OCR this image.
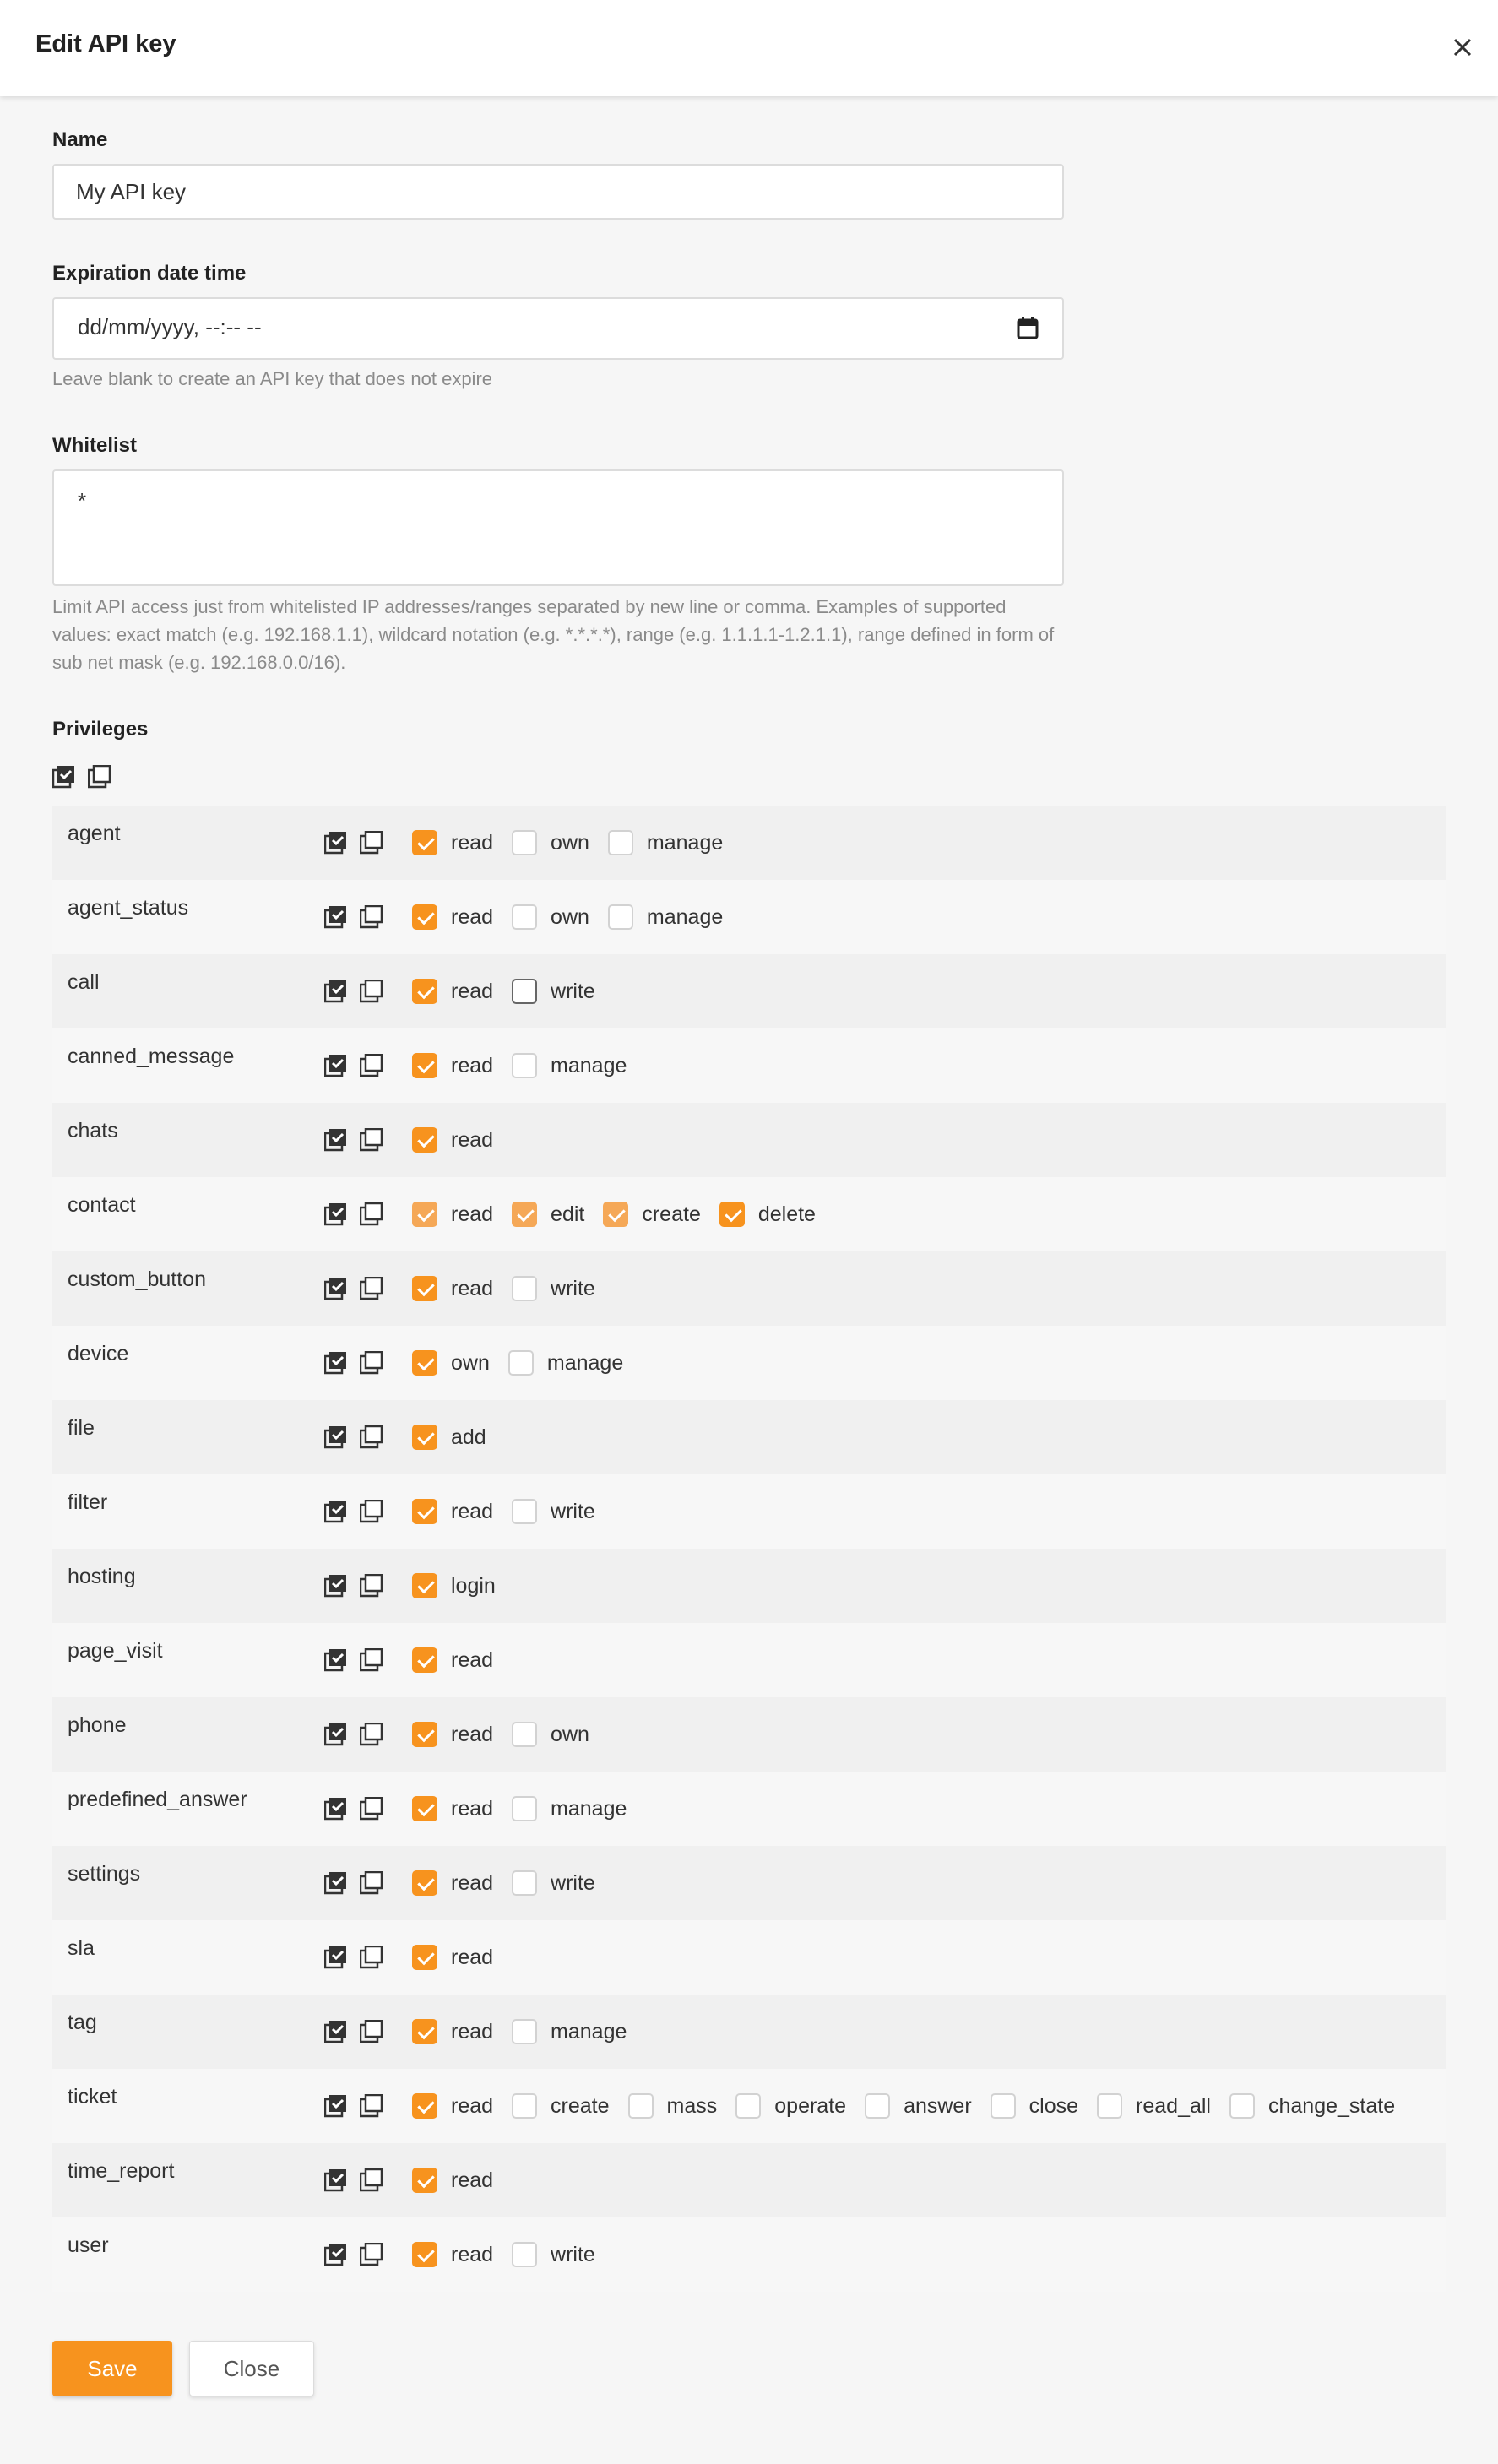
Edit API key
Name
My API key
Expiration date time
dd/mm/yyyy, --:-- --
Leave blank to create an API key that does not expire
Whitelist
*
Limit API access just from whitelisted IP addresses/ranges separated by new line or comma. Examples of supported values: exact match (e.g. 192.168.1.1), wildcard notation (e.g. *.*.*.*), range (e.g. 1.1.1.1-1.2.1.1), range defined in form of sub net mask (e.g. 192.168.0.0/16).
Privileges
agent	read	own	manage
agent_status	read	own	manage
call	read	write
canned_message	read	manage
chats	read
contact	read	edit	create	delete
custom_button	read	write
device	own	manage
file	add
filter	read	write
hosting	login
page_visit	read
phone	read	own
predefined_answer	read	manage
settings	read	write
sla	read
tag	read	manage
ticket	read	create	mass	operate	answer	close	read_all	change_state
time_report	read
user	read	write
Save	Close
